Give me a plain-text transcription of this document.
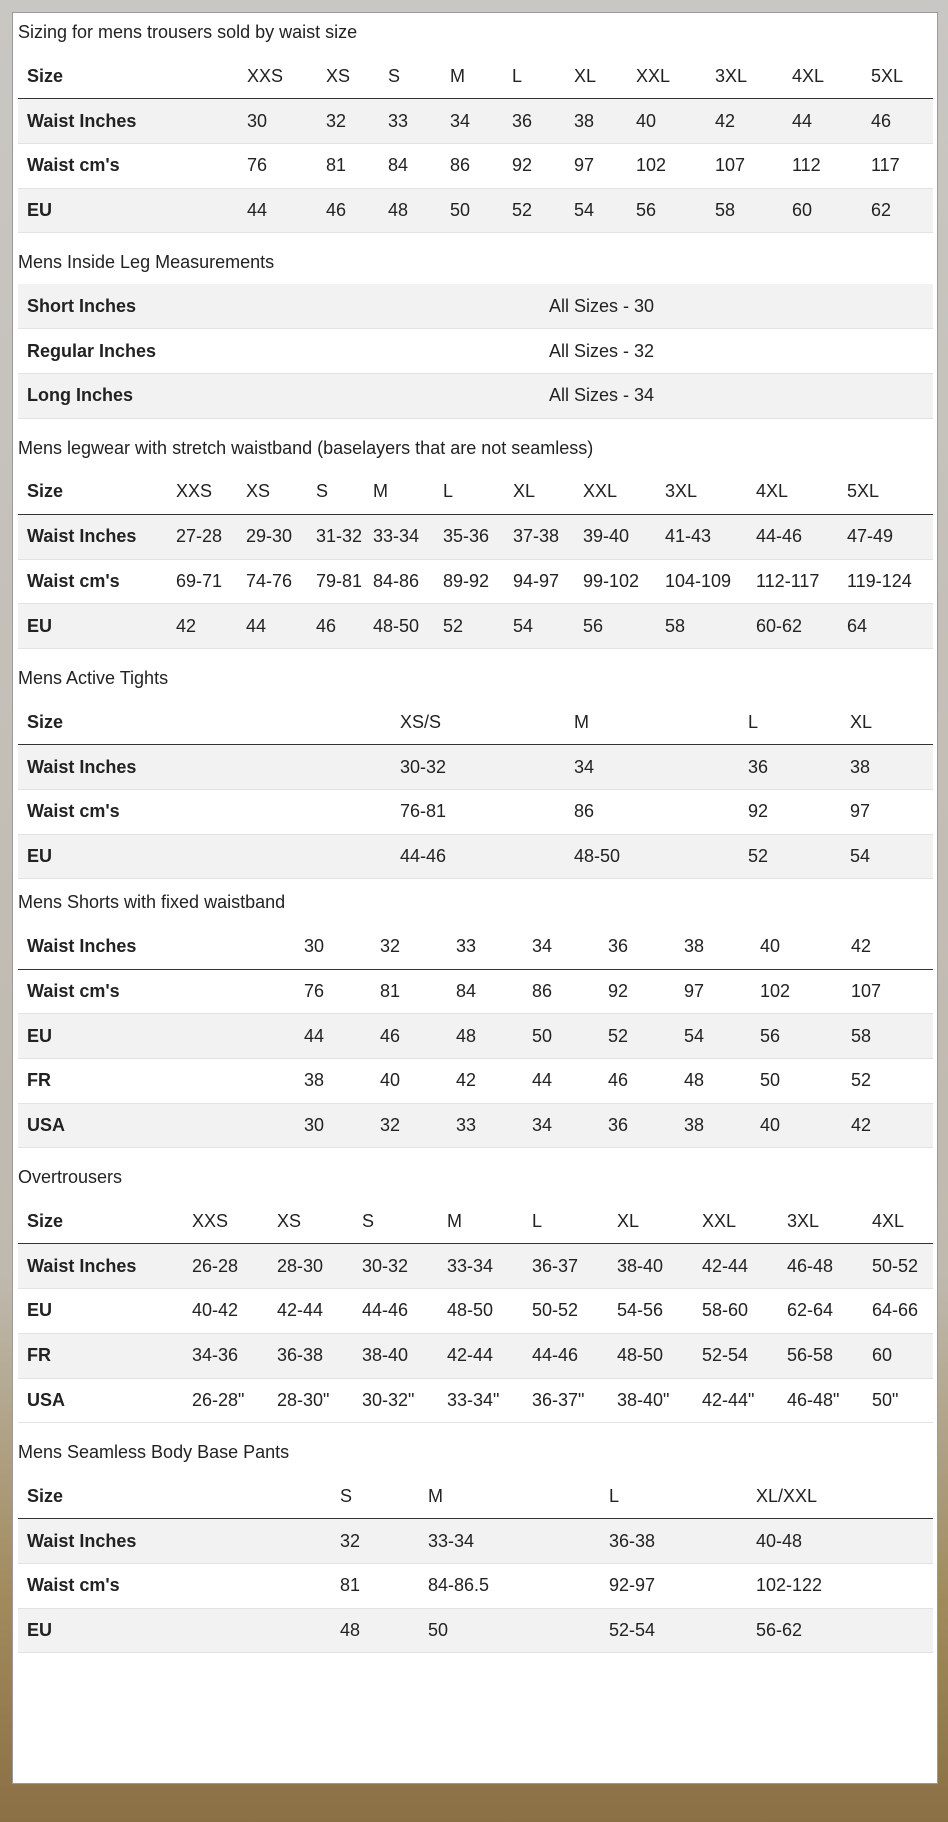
Sizing for mens trousers sold by waist size
Size	XXS	XS	S	M	L	XL	XXL	3XL	4XL	5XL
Waist Inches	30	32	33	34	36	38	40	42	44	46
Waist cm's	76	81	84	86	92	97	102	107	112	117
EU	44	46	48	50	52	54	56	58	60	62
Mens Inside Leg Measurements
Short Inches	All Sizes - 30
Regular Inches	All Sizes - 32
Long Inches	All Sizes - 34
Mens legwear with stretch waistband (baselayers that are not seamless)
Size	XXS	XS	S	M	L	XL	XXL	3XL	4XL	5XL
Waist Inches	27-28	29-30	31-32	33-34	35-36	37-38	39-40	41-43	44-46	47-49
Waist cm's	69-71	74-76	79-81	84-86	89-92	94-97	99-102	104-109	112-117	119-124
EU	42	44	46	48-50	52	54	56	58	60-62	64
Mens Active Tights
Size	XS/S	M	L	XL
Waist Inches	30-32	34	36	38
Waist cm's	76-81	86	92	97
EU	44-46	48-50	52	54
Mens Shorts with fixed waistband
Waist Inches	30	32	33	34	36	38	40	42
Waist cm's	76	81	84	86	92	97	102	107
EU	44	46	48	50	52	54	56	58
FR	38	40	42	44	46	48	50	52
USA	30	32	33	34	36	38	40	42
Overtrousers
Size	XXS	XS	S	M	L	XL	XXL	3XL	4XL
Waist Inches	26-28	28-30	30-32	33-34	36-37	38-40	42-44	46-48	50-52
EU	40-42	42-44	44-46	48-50	50-52	54-56	58-60	62-64	64-66
FR	34-36	36-38	38-40	42-44	44-46	48-50	52-54	56-58	60
USA	26-28"	28-30"	30-32"	33-34"	36-37"	38-40"	42-44"	46-48"	50"
Mens Seamless Body Base Pants
Size	S	M	L	XL/XXL
Waist Inches	32	33-34	36-38	40-48
Waist cm's	81	84-86.5	92-97	102-122
EU	48	50	52-54	56-62
